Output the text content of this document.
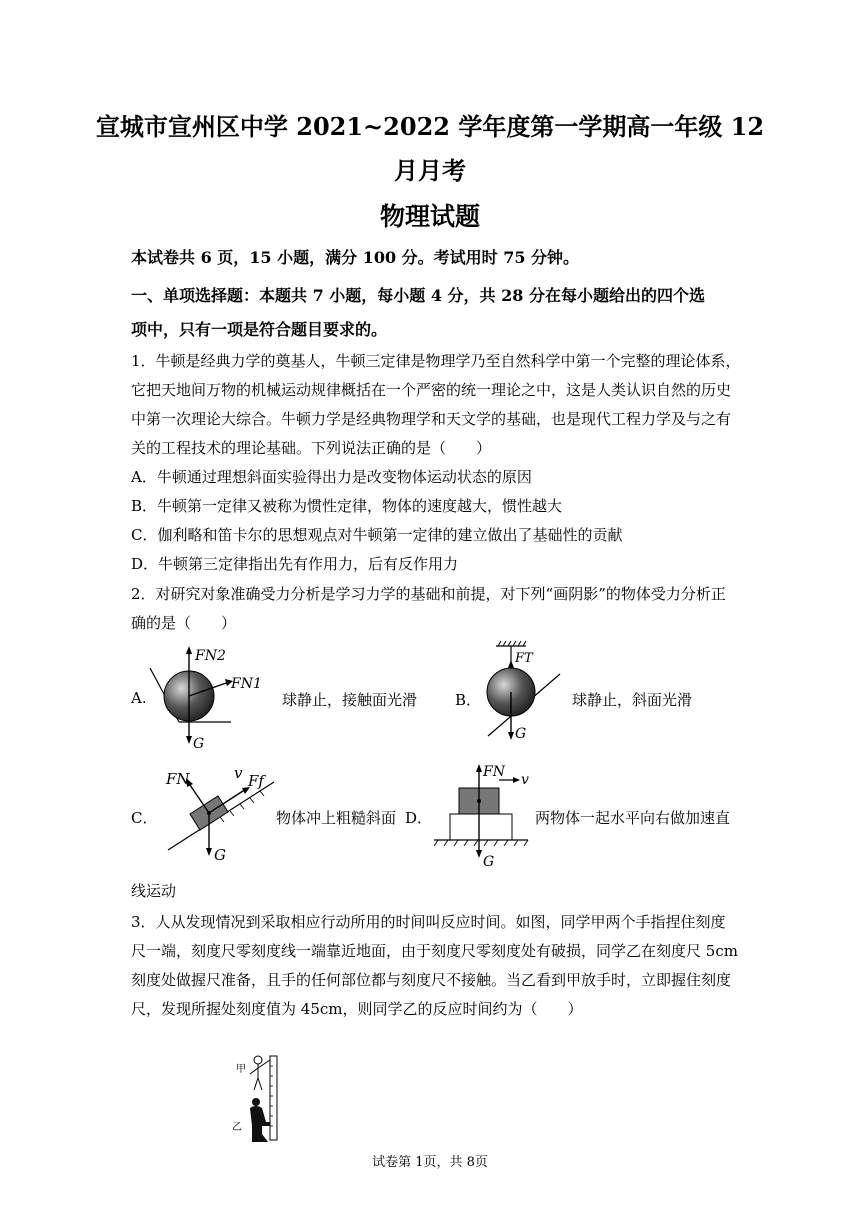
宣城市宣州区中学 2021~2022 学年度第一学期高一年级 12
月月考
物理试题
本试卷共 6 页，15 小题，满分 100 分。考试用时 75 分钟。
一、单项选择题：本题共 7 小题，每小题 4 分，共 28 分在每小题给出的四个选
项中，只有一项是符合题目要求的。
1．牛顿是经典力学的奠基人，牛顿三定律是物理学乃至自然科学中第一个完整的理论体系，
它把天地间万物的机械运动规律概括在一个严密的统一理论之中，这是人类认识自然的历史
中第一次理论大综合。牛顿力学是经典物理学和天文学的基础，也是现代工程力学及与之有
关的工程技术的理论基础。下列说法正确的是（　　）
A．牛顿通过理想斜面实验得出力是改变物体运动状态的原因
B．牛顿第一定律又被称为惯性定律，物体的速度越大，惯性越大
C．伽利略和笛卡尔的思想观点对牛顿第一定律的建立做出了基础性的贡献
D．牛顿第三定律指出先有作用力，后有反作用力
2．对研究对象准确受力分析是学习力学的基础和前提，对下列“画阴影”的物体受力分析正
确的是（　　）
A.
FN2
FN1
G
球静止，接触面光滑	B．
FT
G
球静止，斜面光滑
C．
FN	v Ff
G
物体冲上粗糙斜面 D．
FN v
G
两物体一起水平向右做加速直
线运动
3．人从发现情况到采取相应行动所用的时间叫反应时间。如图，同学甲两个手指捏住刻度
尺一端，刻度尺零刻度线一端靠近地面，由于刻度尺零刻度处有破损，同学乙在刻度尺 5cm
刻度处做握尺准备，且手的任何部位都与刻度尺不接触。当乙看到甲放手时，立即握住刻度
尺，发现所握处刻度值为 45cm，则同学乙的反应时间约为（　　）
甲
乙
试卷第 1页，共 8页
